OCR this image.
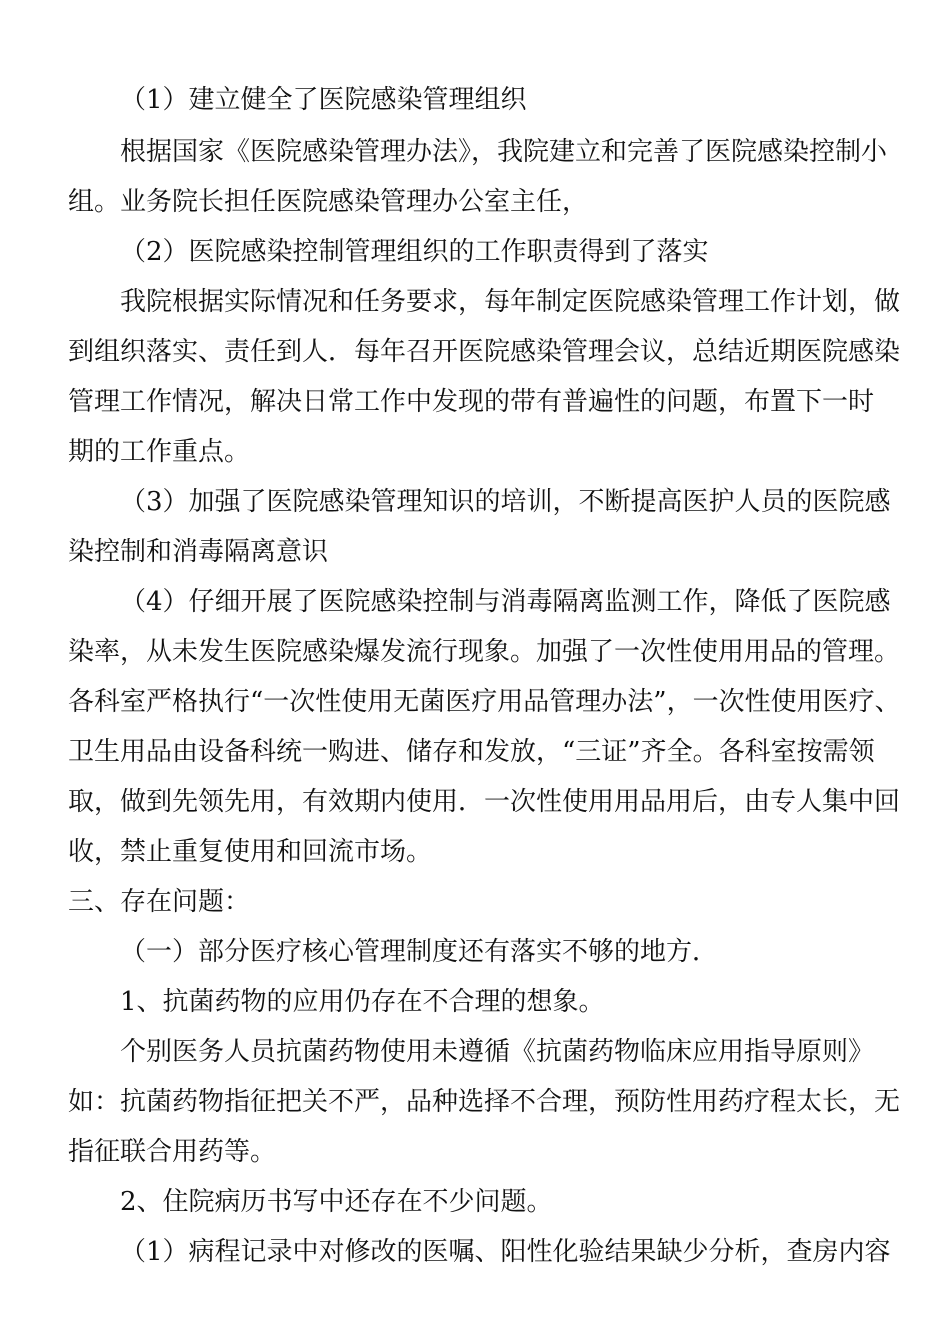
（1）建立健全了医院感染管理组织
根据国家《医院感染管理办法》，我院建立和完善了医院感染控制小
组。业务院长担任医院感染管理办公室主任，
（2）医院感染控制管理组织的工作职责得到了落实
我院根据实际情况和任务要求，每年制定医院感染管理工作计划，做
到组织落实、责任到人．每年召开医院感染管理会议，总结近期医院感染
管理工作情况，解决日常工作中发现的带有普遍性的问题，布置下一时
期的工作重点。
（3）加强了医院感染管理知识的培训，不断提高医护人员的医院感
染控制和消毒隔离意识
（4）仔细开展了医院感染控制与消毒隔离监测工作，降低了医院感
染率，从未发生医院感染爆发流行现象。加强了一次性使用用品的管理。
各科室严格执行“一次性使用无菌医疗用品管理办法”，一次性使用医疗、
卫生用品由设备科统一购进、储存和发放，“三证”齐全。各科室按需领
取，做到先领先用，有效期内使用．一次性使用用品用后，由专人集中回
收，禁止重复使用和回流市场。
三、存在问题：
（一）部分医疗核心管理制度还有落实不够的地方．
1、抗菌药物的应用仍存在不合理的想象。
个别医务人员抗菌药物使用未遵循《抗菌药物临床应用指导原则》
如：抗菌药物指征把关不严，品种选择不合理，预防性用药疗程太长，无
指征联合用药等。
2、住院病历书写中还存在不少问题。
（1）病程记录中对修改的医嘱、阳性化验结果缺少分析，查房内容
